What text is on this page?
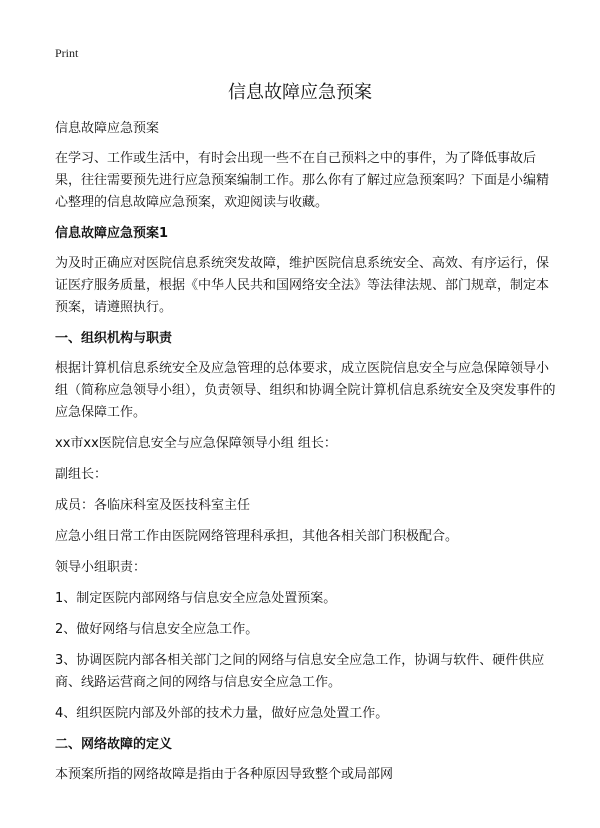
Print
信息故障应急预案

信息故障应急预案

在学习、工作或生活中，有时会出现一些不在自己预料之中的事件，为了降低事故后果，往往需要预先进行应急预案编制工作。那么你有了解过应急预案吗？下面是小编精心整理的信息故障应急预案，欢迎阅读与收藏。

信息故障应急预案1

为及时正确应对医院信息系统突发故障，维护医院信息系统安全、高效、有序运行，保证医疗服务质量，根据《中华人民共和国网络安全法》等法律法规、部门规章，制定本预案，请遵照执行。

一、组织机构与职责

根据计算机信息系统安全及应急管理的总体要求，成立医院信息安全与应急保障领导小组（简称应急领导小组），负责领导、组织和协调全院计算机信息系统安全及突发事件的应急保障工作。

xx市xx医院信息安全与应急保障领导小组 组长：

副组长：

成员：各临床科室及医技科室主任

应急小组日常工作由医院网络管理科承担，其他各相关部门积极配合。

领导小组职责：

1、制定医院内部网络与信息安全应急处置预案。

2、做好网络与信息安全应急工作。

3、协调医院内部各相关部门之间的网络与信息安全应急工作，协调与软件、硬件供应商、线路运营商之间的网络与信息安全应急工作。

4、组织医院内部及外部的技术力量，做好应急处置工作。

二、网络故障的定义

本预案所指的网络故障是指由于各种原因导致整个或局部网
